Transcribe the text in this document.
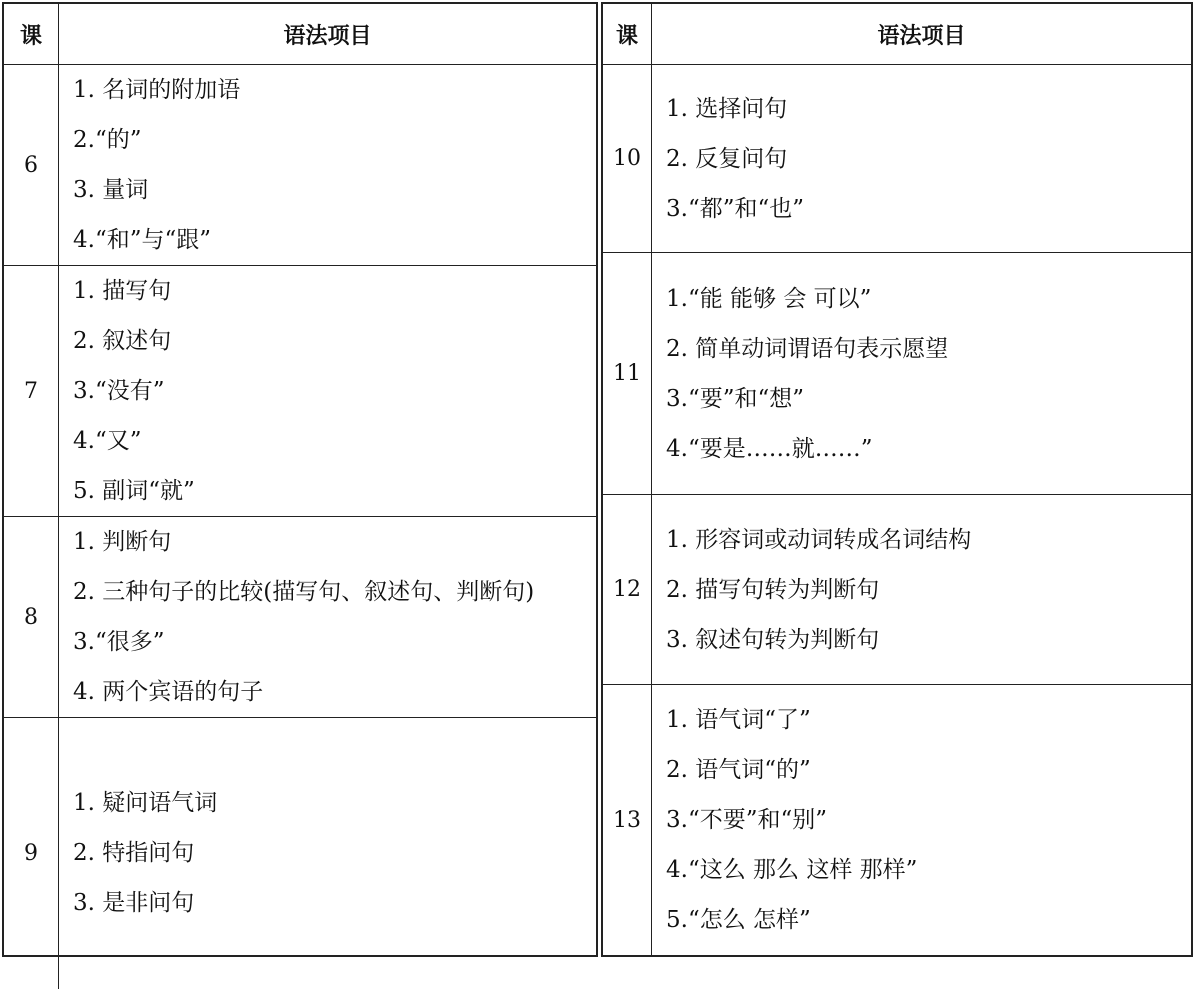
课	语法项目
6	1. 名词的附加语
2.“的”
3. 量词
4.“和”与“跟”

7	1. 描写句
2. 叙述句
3.“没有”
4.“又”
5. 副词“就”

8	1. 判断句
2. 三种句子的比较(描写句、叙述句、判断句)
3.“很多”
4. 两个宾语的句子

9	1. 疑问语气词
2. 特指问句
3. 是非问句
课	语法项目
10	1. 选择问句
2. 反复问句
3.“都”和“也”

11	1.“能 能够 会 可以”
2. 简单动词谓语句表示愿望
3.“要”和“想”
4.“要是……就……”

12	1. 形容词或动词转成名词结构
2. 描写句转为判断句
3. 叙述句转为判断句

13	1. 语气词“了”
2. 语气词“的”
3.“不要”和“别”
4.“这么 那么 这样 那样”
5.“怎么 怎样”
